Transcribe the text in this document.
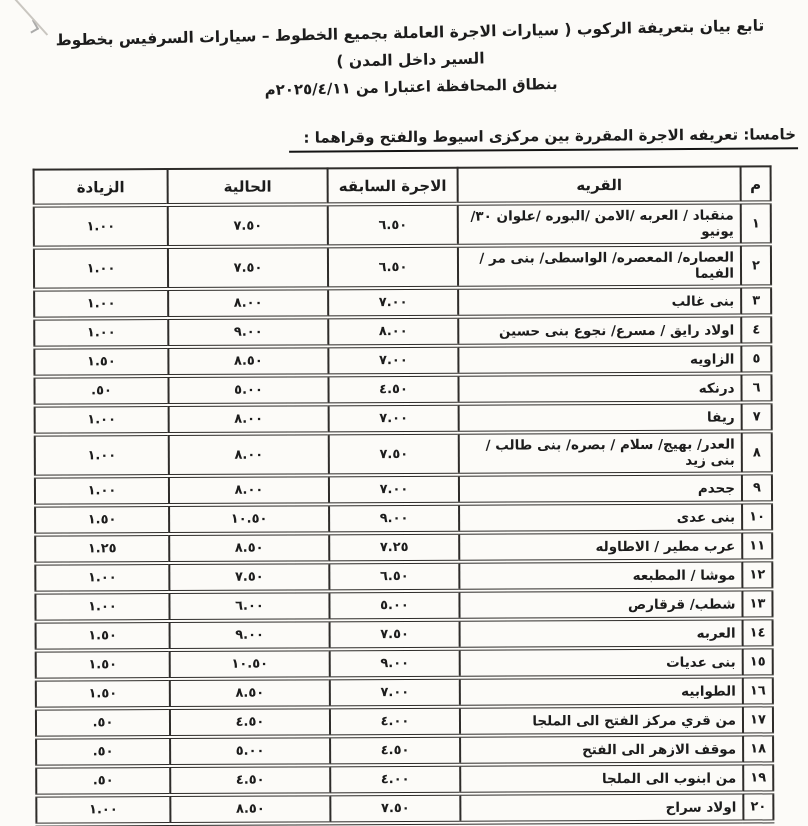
تابع بيان بتعريفة الركوب ( سيارات الاجرة العاملة بجميع الخطوط – سيارات السرفيس بخطوط السير داخل المدن )
بنطاق المحافظة اعتبارا من ٢٠٢٥/٤/١١م
خامسا: تعريفه الاجرة المقررة بين مركزى اسيوط والفتح وقراهما :
م	القريه	الاجرة السابقه	الحالية	الزيادة
١	منقباد / العربه /الامن /البوره /علوان ٣٠/ يونيو	٦.٥٠	٧.٥٠	١.٠٠
٢	العصاره/ المعصره/ الواسطى/ بنى مر / الفيما	٦.٥٠	٧.٥٠	١.٠٠
٣	بنى غالب	٧.٠٠	٨.٠٠	١.٠٠
٤	اولاد رايق / مسرع/ نجوع بنى حسين	٨.٠٠	٩.٠٠	١.٠٠
٥	الزاويه	٧.٠٠	٨.٥٠	١.٥٠
٦	درنكه	٤.٥٠	٥.٠٠	.٥٠
٧	ريفا	٧.٠٠	٨.٠٠	١.٠٠
٨	العدر/ بهيج/ سلام / بصره/ بنى طالب / بنى زيد	٧.٥٠	٨.٠٠	١.٠٠
٩	جحدم	٧.٠٠	٨.٠٠	١.٠٠
١٠	بنى عدى	٩.٠٠	١٠.٥٠	١.٥٠
١١	عرب مطير / الاطاوله	٧.٢٥	٨.٥٠	١.٢٥
١٢	موشا / المطبعه	٦.٥٠	٧.٥٠	١.٠٠
١٣	شطب/ قرقارص	٥.٠٠	٦.٠٠	١.٠٠
١٤	العربه	٧.٥٠	٩.٠٠	١.٥٠
١٥	بنى عديات	٩.٠٠	١٠.٥٠	١.٥٠
١٦	الطوابيه	٧.٠٠	٨.٥٠	١.٥٠
١٧	من قري مركز الفتح الى الملجا	٤.٠٠	٤.٥٠	.٥٠
١٨	موقف الازهر الى الفتح	٤.٥٠	٥.٠٠	.٥٠
١٩	من ابنوب الى الملجا	٤.٠٠	٤.٥٠	.٥٠
٢٠	اولاد سراح	٧.٥٠	٨.٥٠	١.٠٠
